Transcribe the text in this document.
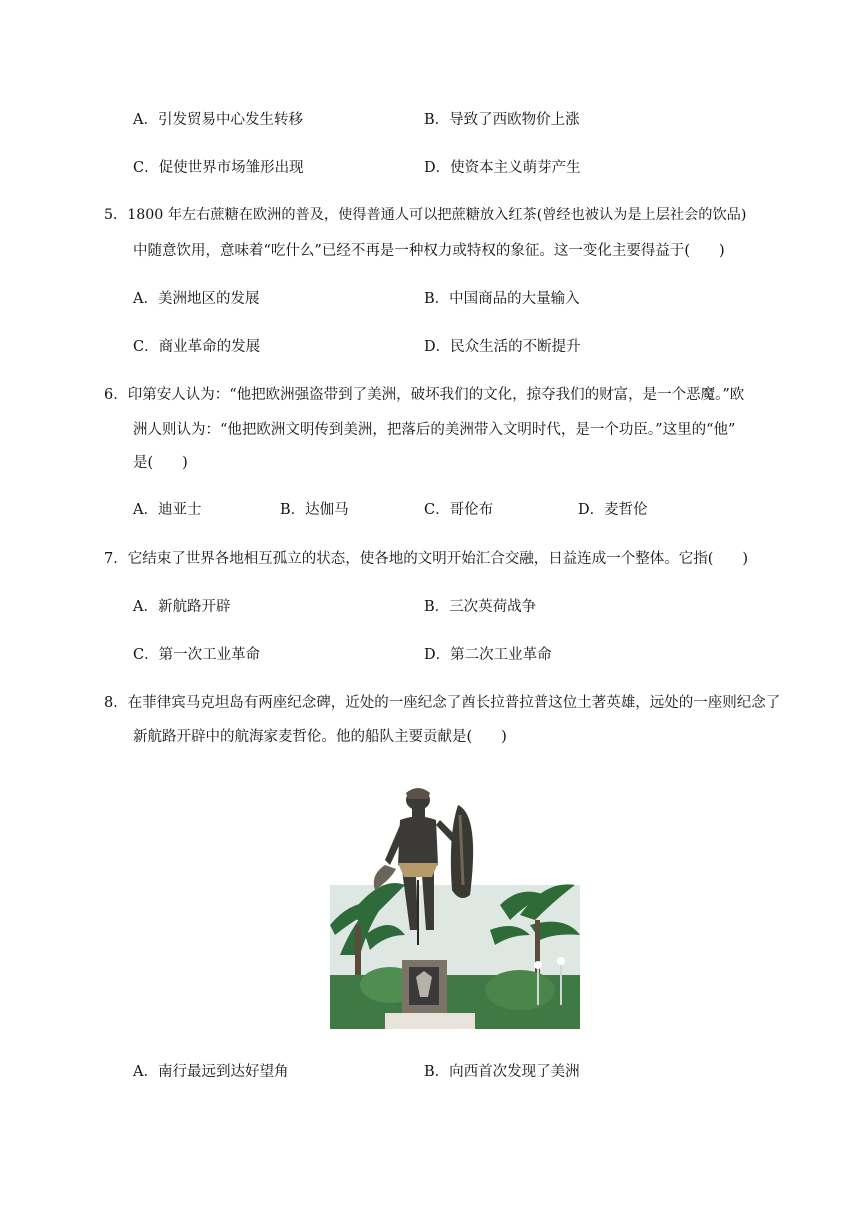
A．引发贸易中心发生转移	B．导致了西欧物价上涨
C．促使世界市场雏形出现	D．使资本主义萌芽产生
5．1800 年左右蔗糖在欧洲的普及，使得普通人可以把蔗糖放入红茶(曾经也被认为是上层社会的饮品)
中随意饮用，意味着“吃什么”已经不再是一种权力或特权的象征。这一变化主要得益于(　　)
A．美洲地区的发展	B．中国商品的大量输入
C．商业革命的发展	D．民众生活的不断提升
6．印第安人认为：“他把欧洲强盗带到了美洲，破坏我们的文化，掠夺我们的财富，是一个恶魔。”欧
洲人则认为：“他把欧洲文明传到美洲，把落后的美洲带入文明时代，是一个功臣。”这里的“他”
是(　　)
A．迪亚士	B．达伽马	C．哥伦布	D．麦哲伦
7．它结束了世界各地相互孤立的状态，使各地的文明开始汇合交融，日益连成一个整体。它指(　　)
A．新航路开辟	B．三次英荷战争
C．第一次工业革命	D．第二次工业革命
8．在菲律宾马克坦岛有两座纪念碑，近处的一座纪念了酋长拉普拉普这位土著英雄，远处的一座则纪念了
新航路开辟中的航海家麦哲伦。他的船队主要贡献是(　　)
A．南行最远到达好望角	B．向西首次发现了美洲
